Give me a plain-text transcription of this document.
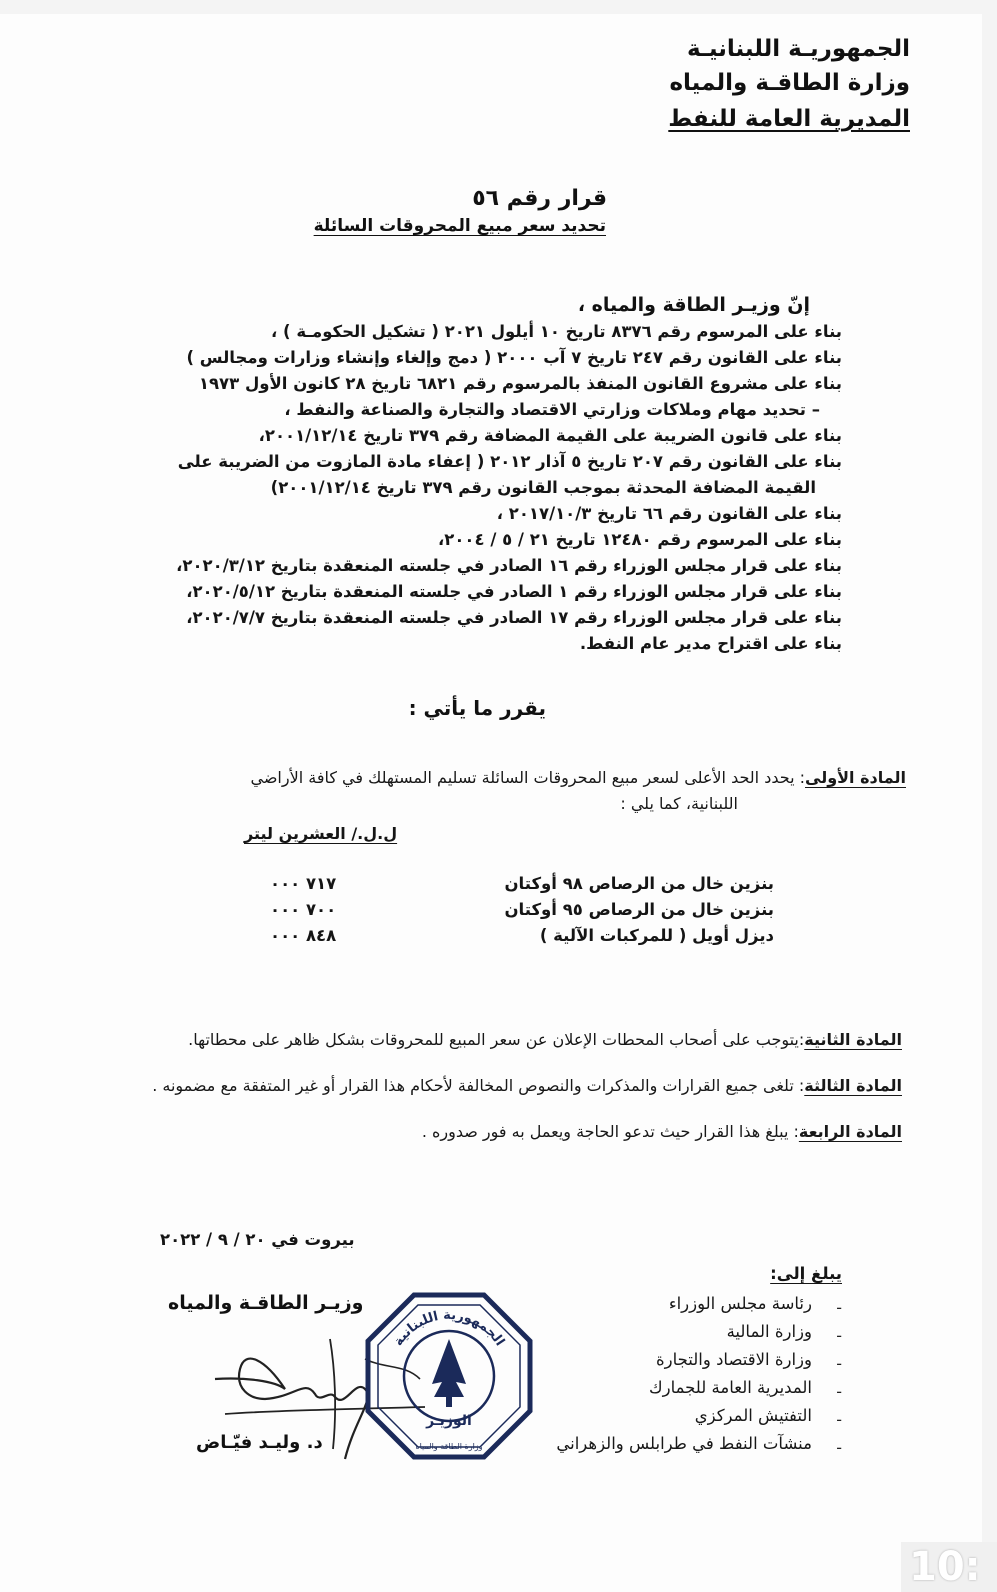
الجمهوريـة اللبنانيـة
وزارة الطاقـة والمياه
المديرية العامة للنفط
قرار رقم ٥٦
تحديد سعر مبيع المحروقات السائلة
إنّ وزيـر الطاقة والمياه ،
بناء على المرسوم رقم ٨٣٧٦ تاريخ ١٠ أيلول ٢٠٢١ ( تشكيل الحكومـة ) ،
بناء على القانون رقم ٢٤٧ تاريخ ٧ آب ٢٠٠٠ ( دمج وإلغاء وإنشاء وزارات ومجالس )
بناء على مشروع القانون المنفذ بالمرسوم رقم ٦٨٢١ تاريخ ٢٨ كانون الأول ١٩٧٣
– تحديد مهام وملاكات وزارتي الاقتصاد والتجارة والصناعة والنفط ،
بناء على قانون الضريبة على القيمة المضافة رقم ٣٧٩ تاريخ ٢٠٠١/١٢/١٤،
بناء على القانون رقم ٢٠٧ تاريخ ٥ آذار ٢٠١٢ ( إعفاء مادة المازوت من الضريبة على
القيمة المضافة المحدثة بموجب القانون رقم ٣٧٩ تاريخ ٢٠٠١/١٢/١٤)
بناء على القانون رقم ٦٦ تاريخ ٢٠١٧/١٠/٣ ،
بناء على المرسوم رقم ١٢٤٨٠ تاريخ ٢١ / ٥ / ٢٠٠٤،
بناء على قرار مجلس الوزراء رقم ١٦ الصادر في جلسته المنعقدة بتاريخ ٢٠٢٠/٣/١٢،
بناء على قرار مجلس الوزراء رقم ١ الصادر في جلسته المنعقدة بتاريخ ٢٠٢٠/٥/١٢،
بناء على قرار مجلس الوزراء رقم ١٧ الصادر في جلسته المنعقدة بتاريخ ٢٠٢٠/٧/٧،
بناء على اقتراح مدير عام النفط.
يقرر ما يأتي :
المادة الأولى: يحدد الحد الأعلى لسعر مبيع المحروقات السائلة تسليم المستهلك في كافة الأراضي
اللبنانية، كما يلي :
ل.ل./ العشرين ليتر
بنزين خال من الرصاص ٩٨ أوكتان
٧١٧ ٠٠٠
بنزين خال من الرصاص ٩٥ أوكتان
٧٠٠ ٠٠٠
ديزل أويل ( للمركبات الآلية )
٨٤٨ ٠٠٠
المادة الثانية:يتوجب على أصحاب المحطات الإعلان عن سعر المبيع للمحروقات بشكل ظاهر على محطاتها.
المادة الثالثة: تلغى جميع القرارات والمذكرات والنصوص المخالفة لأحكام هذا القرار أو غير المتفقة مع مضمونه .
المادة الرابعة: يبلغ هذا القرار حيث تدعو الحاجة ويعمل به فور صدوره .
بيروت في ٢٠ / ٩ / ٢٠٢٢
وزيـر الطاقـة والمياه
د. وليـد فيّـاض
الجمهورية اللبنانية
الوزيـر
وزارة الطاقة والمياه
يبلغ إلى:
-
رئاسة مجلس الوزراء
-
وزارة المالية
-
وزارة الاقتصاد والتجارة
-
المديرية العامة للجمارك
-
التفتيش المركزي
-
منشآت النفط في طرابلس والزهراني
10:
